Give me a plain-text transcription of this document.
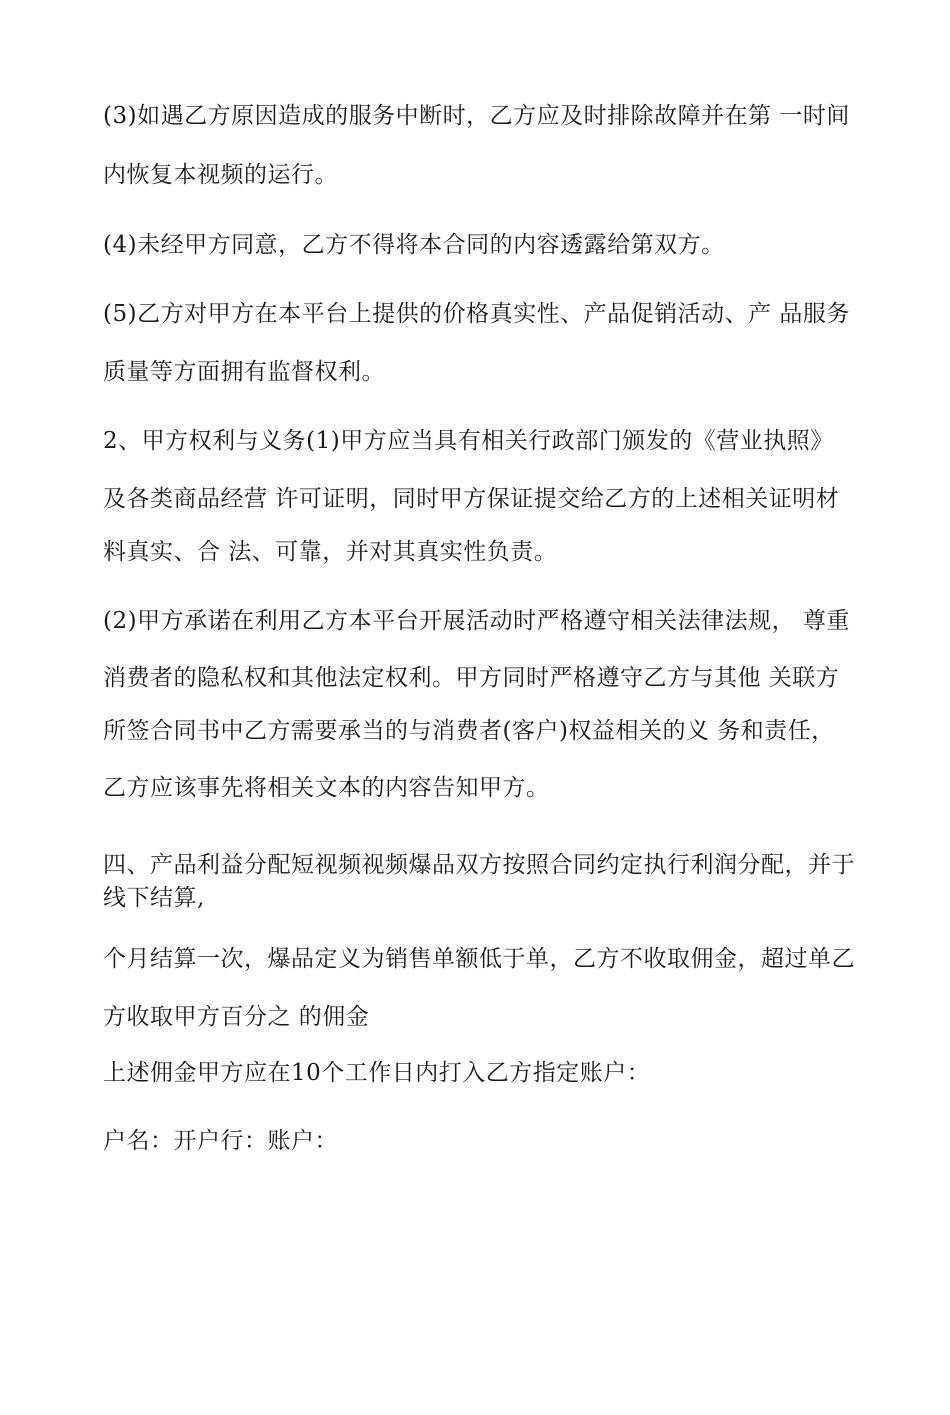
(3)如遇乙方原因造成的服务中断时，乙方应及时排除故障并在第 一时间
内恢复本视频的运行。
(4)未经甲方同意，乙方不得将本合同的内容透露给第双方。
(5)乙方对甲方在本平台上提供的价格真实性、产品促销活动、产 品服务
质量等方面拥有监督权利。
2、甲方权利与义务(1)甲方应当具有相关行政部门颁发的《营业执照》
及各类商品经营 许可证明，同时甲方保证提交给乙方的上述相关证明材
料真实、合 法、可靠，并对其真实性负责。
(2)甲方承诺在利用乙方本平台开展活动时严格遵守相关法律法规， 尊重
消费者的隐私权和其他法定权利。甲方同时严格遵守乙方与其他 关联方
所签合同书中乙方需要承当的与消费者(客户)权益相关的义 务和责任，
乙方应该事先将相关文本的内容告知甲方。
四、产品利益分配短视频视频爆品双方按照合同约定执行利润分配，并于
线下结算,
个月结算一次，爆品定义为销售单额低于单，乙方不收取佣金，超过单乙
方收取甲方百分之 的佣金
上述佣金甲方应在10个工作日内打入乙方指定账户：
户名：开户行：账户：
